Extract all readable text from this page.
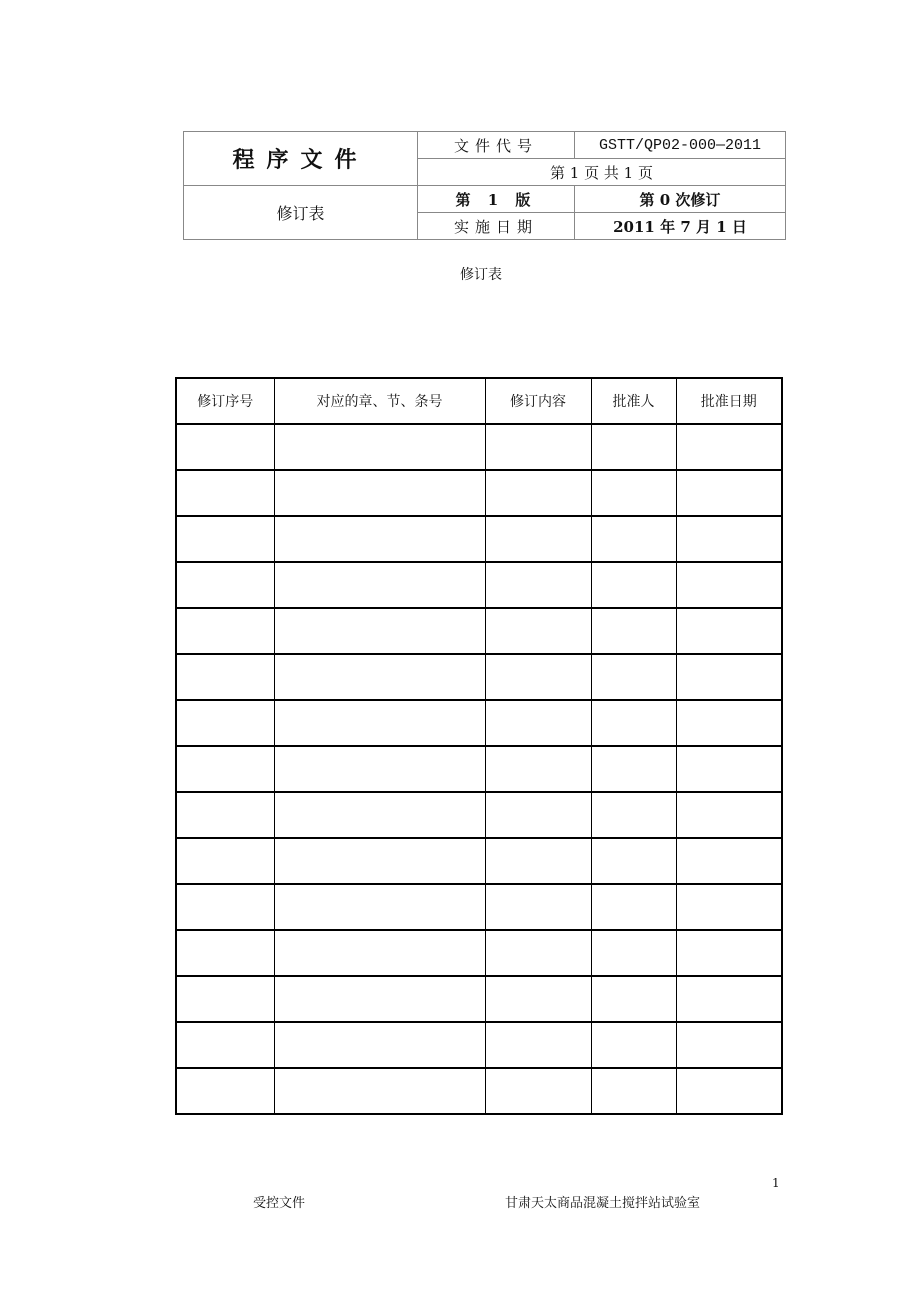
程序文件	文件代号	GSTT/QP02-000—2011
	第 1 页 共 1 页	
修订表	第 1 版	第 0 次修订
	实施日期	2011 年 7 月 1 日
修订表
修订序号	对应的章、节、条号	修订内容	批准人	批准日期

1
受控文件	甘肃天太商品混凝土搅拌站试验室
